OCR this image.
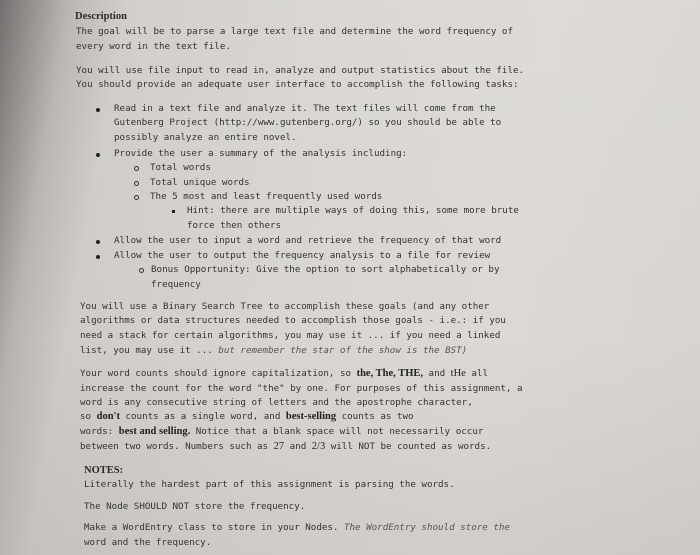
Description
The goal will be to parse a large text file and determine the word frequency of
every word in the text file.
You will use file input to read in, analyze and output statistics about the file.
You should provide an adequate user interface to accomplish the following tasks:
Read in a text file and analyze it. The text files will come from the
Gutenberg Project (http://www.gutenberg.org/) so you should be able to
possibly analyze an entire novel.
Provide the user a summary of the analysis including:
Total words
Total unique words
The 5 most and least frequently used words
Hint: there are multiple ways of doing this, some more brute
force then others
Allow the user to input a word and retrieve the frequency of that word
Allow the user to output the frequency analysis to a file for review
Bonus Opportunity: Give the option to sort alphabetically or by
frequency
You will use a Binary Search Tree to accomplish these goals (and any other
algorithms or data structures needed to accomplish those goals - i.e.: if you
need a stack for certain algorithms, you may use it ... if you need a linked
list, you may use it ... but remember the star of the show is the BST)
Your word counts should ignore capitalization, so the, The, THE, and tHe all
increase the count for the word "the" by one. For purposes of this assignment, a
word is any consecutive string of letters and the apostrophe character,
so don't counts as a single word, and best-selling counts as two
words: best and selling. Notice that a blank space will not necessarily occur
between two words. Numbers such as 27 and 2/3 will NOT be counted as words.
NOTES:
Literally the hardest part of this assignment is parsing the words.
The Node SHOULD NOT store the frequency.
Make a WordEntry class to store in your Nodes. The WordEntry should store the
word and the frequency.
